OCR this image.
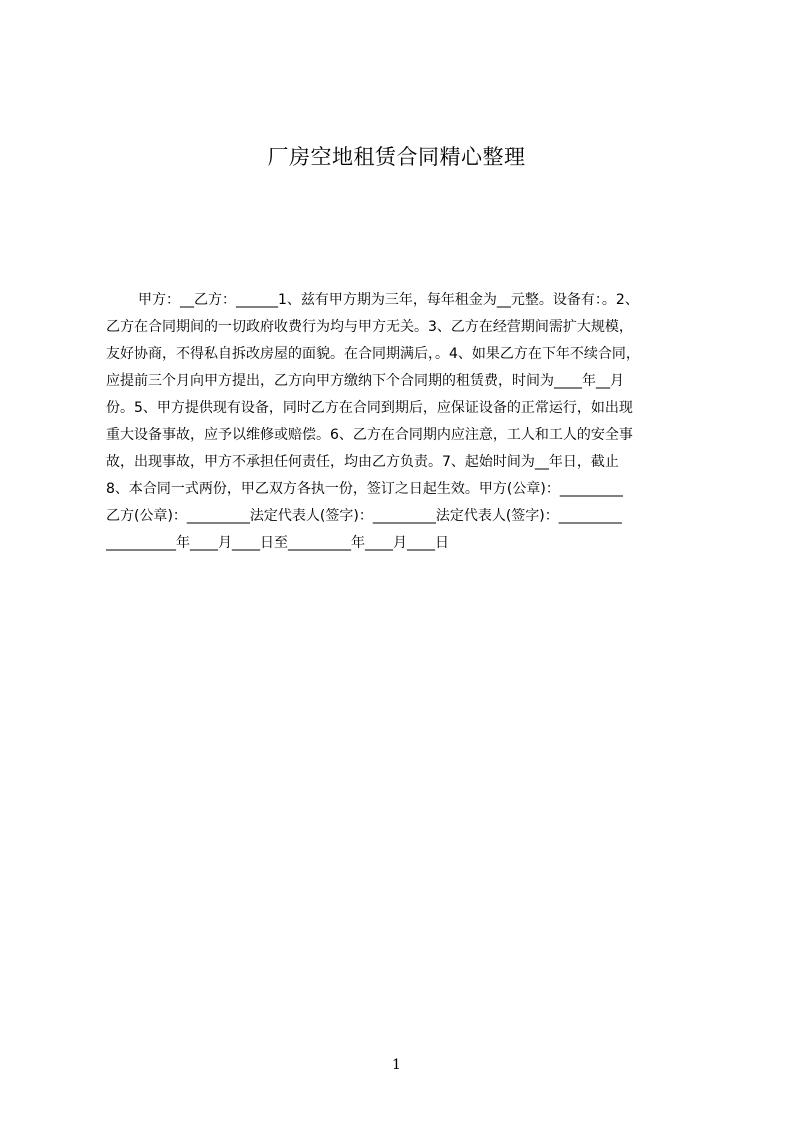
厂房空地租赁合同精心整理
甲方：__乙方：______1、兹有甲方期为三年，每年租金为__元整。设备有：。2、
乙方在合同期间的一切政府收费行为均与甲方无关。3、乙方在经营期间需扩大规模，
友好协商，不得私自拆改房屋的面貌。在合同期满后，。4、如果乙方在下年不续合同，
应提前三个月向甲方提出，乙方向甲方缴纳下个合同期的租赁费，时间为____年__月
份。5、甲方提供现有设备，同时乙方在合同到期后，应保证设备的正常运行，如出现
重大设备事故，应予以维修或赔偿。6、乙方在合同期内应注意，工人和工人的安全事
故，出现事故，甲方不承担任何责任，均由乙方负责。7、起始时间为__年日，截止
8、本合同一式两份，甲乙双方各执一份，签订之日起生效。甲方(公章)：_________
乙方(公章)：_________法定代表人(签字)：_________法定代表人(签字)：_________
__________年____月____日至_________年____月____日
1
